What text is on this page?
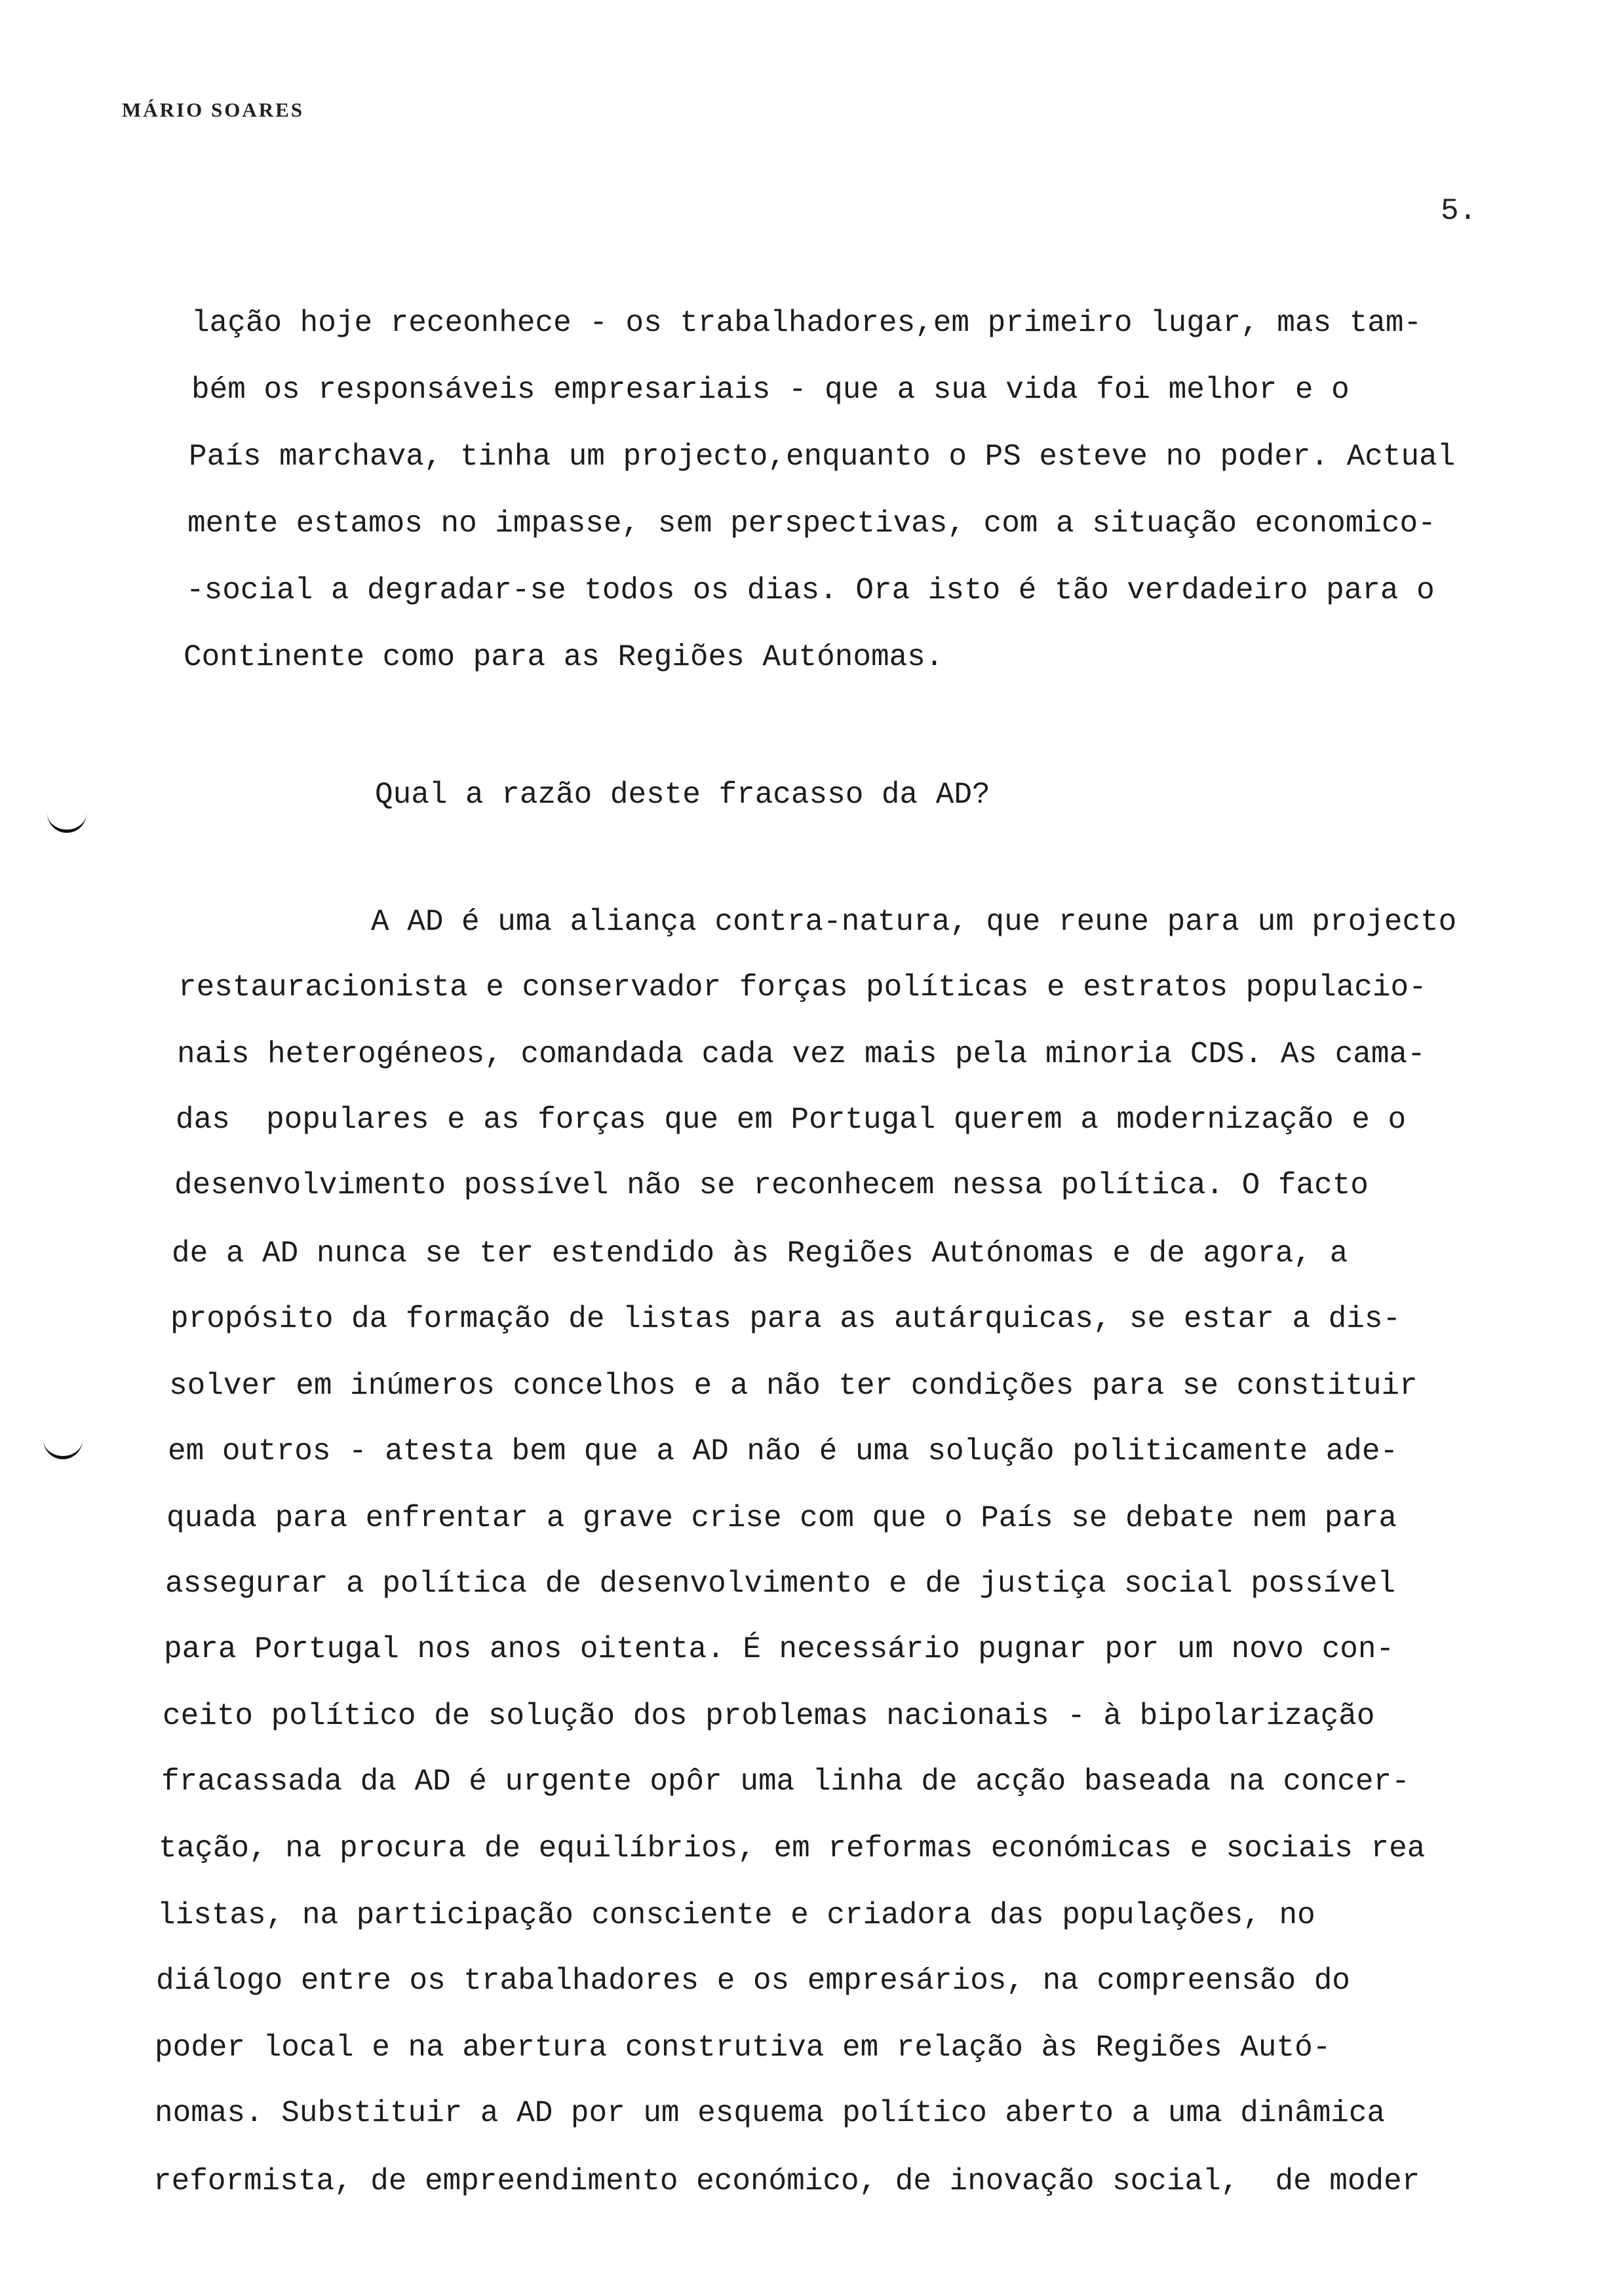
MÁRIO SOARES
5.
lação hoje receonhece - os trabalhadores,em primeiro lugar, mas tam-
bém os responsáveis empresariais - que a sua vida foi melhor e o
País marchava, tinha um projecto,enquanto o PS esteve no poder. Actual
mente estamos no impasse, sem perspectivas, com a situação economico-
-social a degradar-se todos os dias. Ora isto é tão verdadeiro para o
Continente como para as Regiões Autónomas.
Qual a razão deste fracasso da AD?
A AD é uma aliança contra-natura, que reune para um projecto
restauracionista e conservador forças políticas e estratos populacio-
nais heterogéneos, comandada cada vez mais pela minoria CDS. As cama-
das  populares e as forças que em Portugal querem a modernização e o
desenvolvimento possível não se reconhecem nessa política. O facto
de a AD nunca se ter estendido às Regiões Autónomas e de agora, a
propósito da formação de listas para as autárquicas, se estar a dis-
solver em inúmeros concelhos e a não ter condições para se constituir
em outros - atesta bem que a AD não é uma solução politicamente ade-
quada para enfrentar a grave crise com que o País se debate nem para
assegurar a política de desenvolvimento e de justiça social possível
para Portugal nos anos oitenta. É necessário pugnar por um novo con-
ceito político de solução dos problemas nacionais - à bipolarização
fracassada da AD é urgente opôr uma linha de acção baseada na concer-
tação, na procura de equilíbrios, em reformas económicas e sociais rea
listas, na participação consciente e criadora das populações, no
diálogo entre os trabalhadores e os empresários, na compreensão do
poder local e na abertura construtiva em relação às Regiões Autó-
nomas. Substituir a AD por um esquema político aberto a uma dinâmica
reformista, de empreendimento económico, de inovação social,  de moder
